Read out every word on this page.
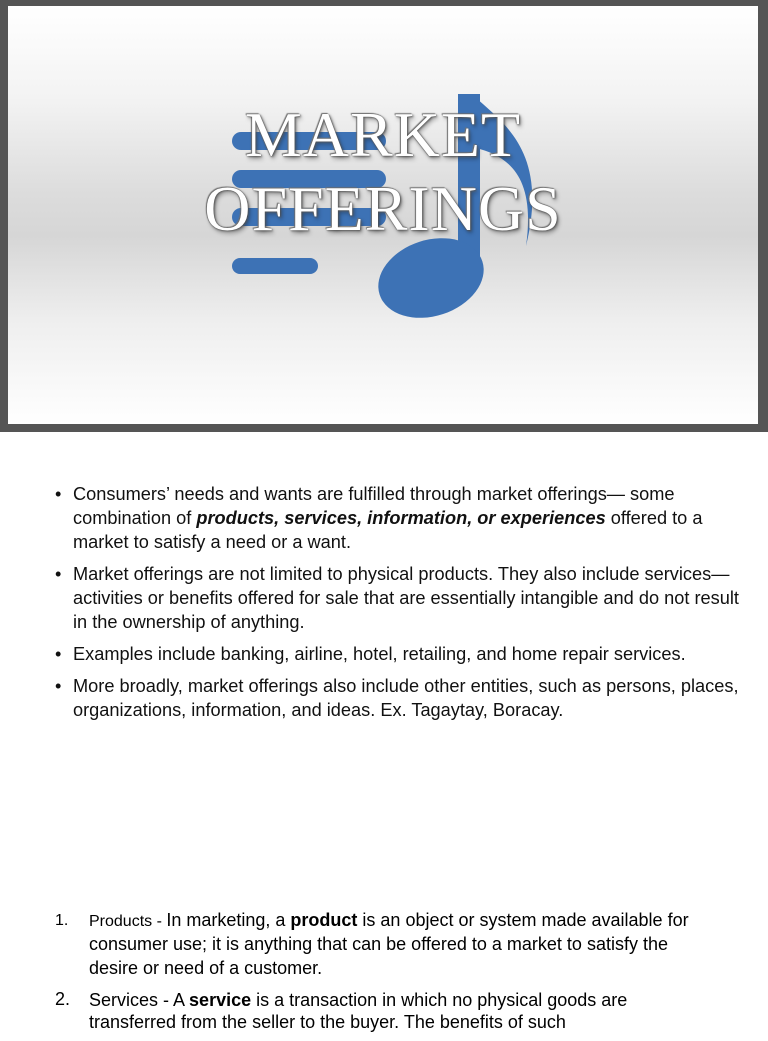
MARKET
OFFERINGS
• Consumers’ needs and wants are fulfilled through market offerings— some combination of products, services, information, or experiences offered to a market to satisfy a need or a want.
• Market offerings are not limited to physical products. They also include services— activities or benefits offered for sale that are essentially intangible and do not result in the ownership of anything.
• Examples include banking, airline, hotel, retailing, and home repair services.
• More broadly, market offerings also include other entities, such as persons, places, organizations, information, and ideas. Ex. Tagaytay, Boracay.
1. Products - In marketing, a product is an object or system made available for consumer use; it is anything that can be offered to a market to satisfy the desire or need of a customer.
2. Services - A service is a transaction in which no physical goods are transferred from the seller to the buyer. The benefits of such
